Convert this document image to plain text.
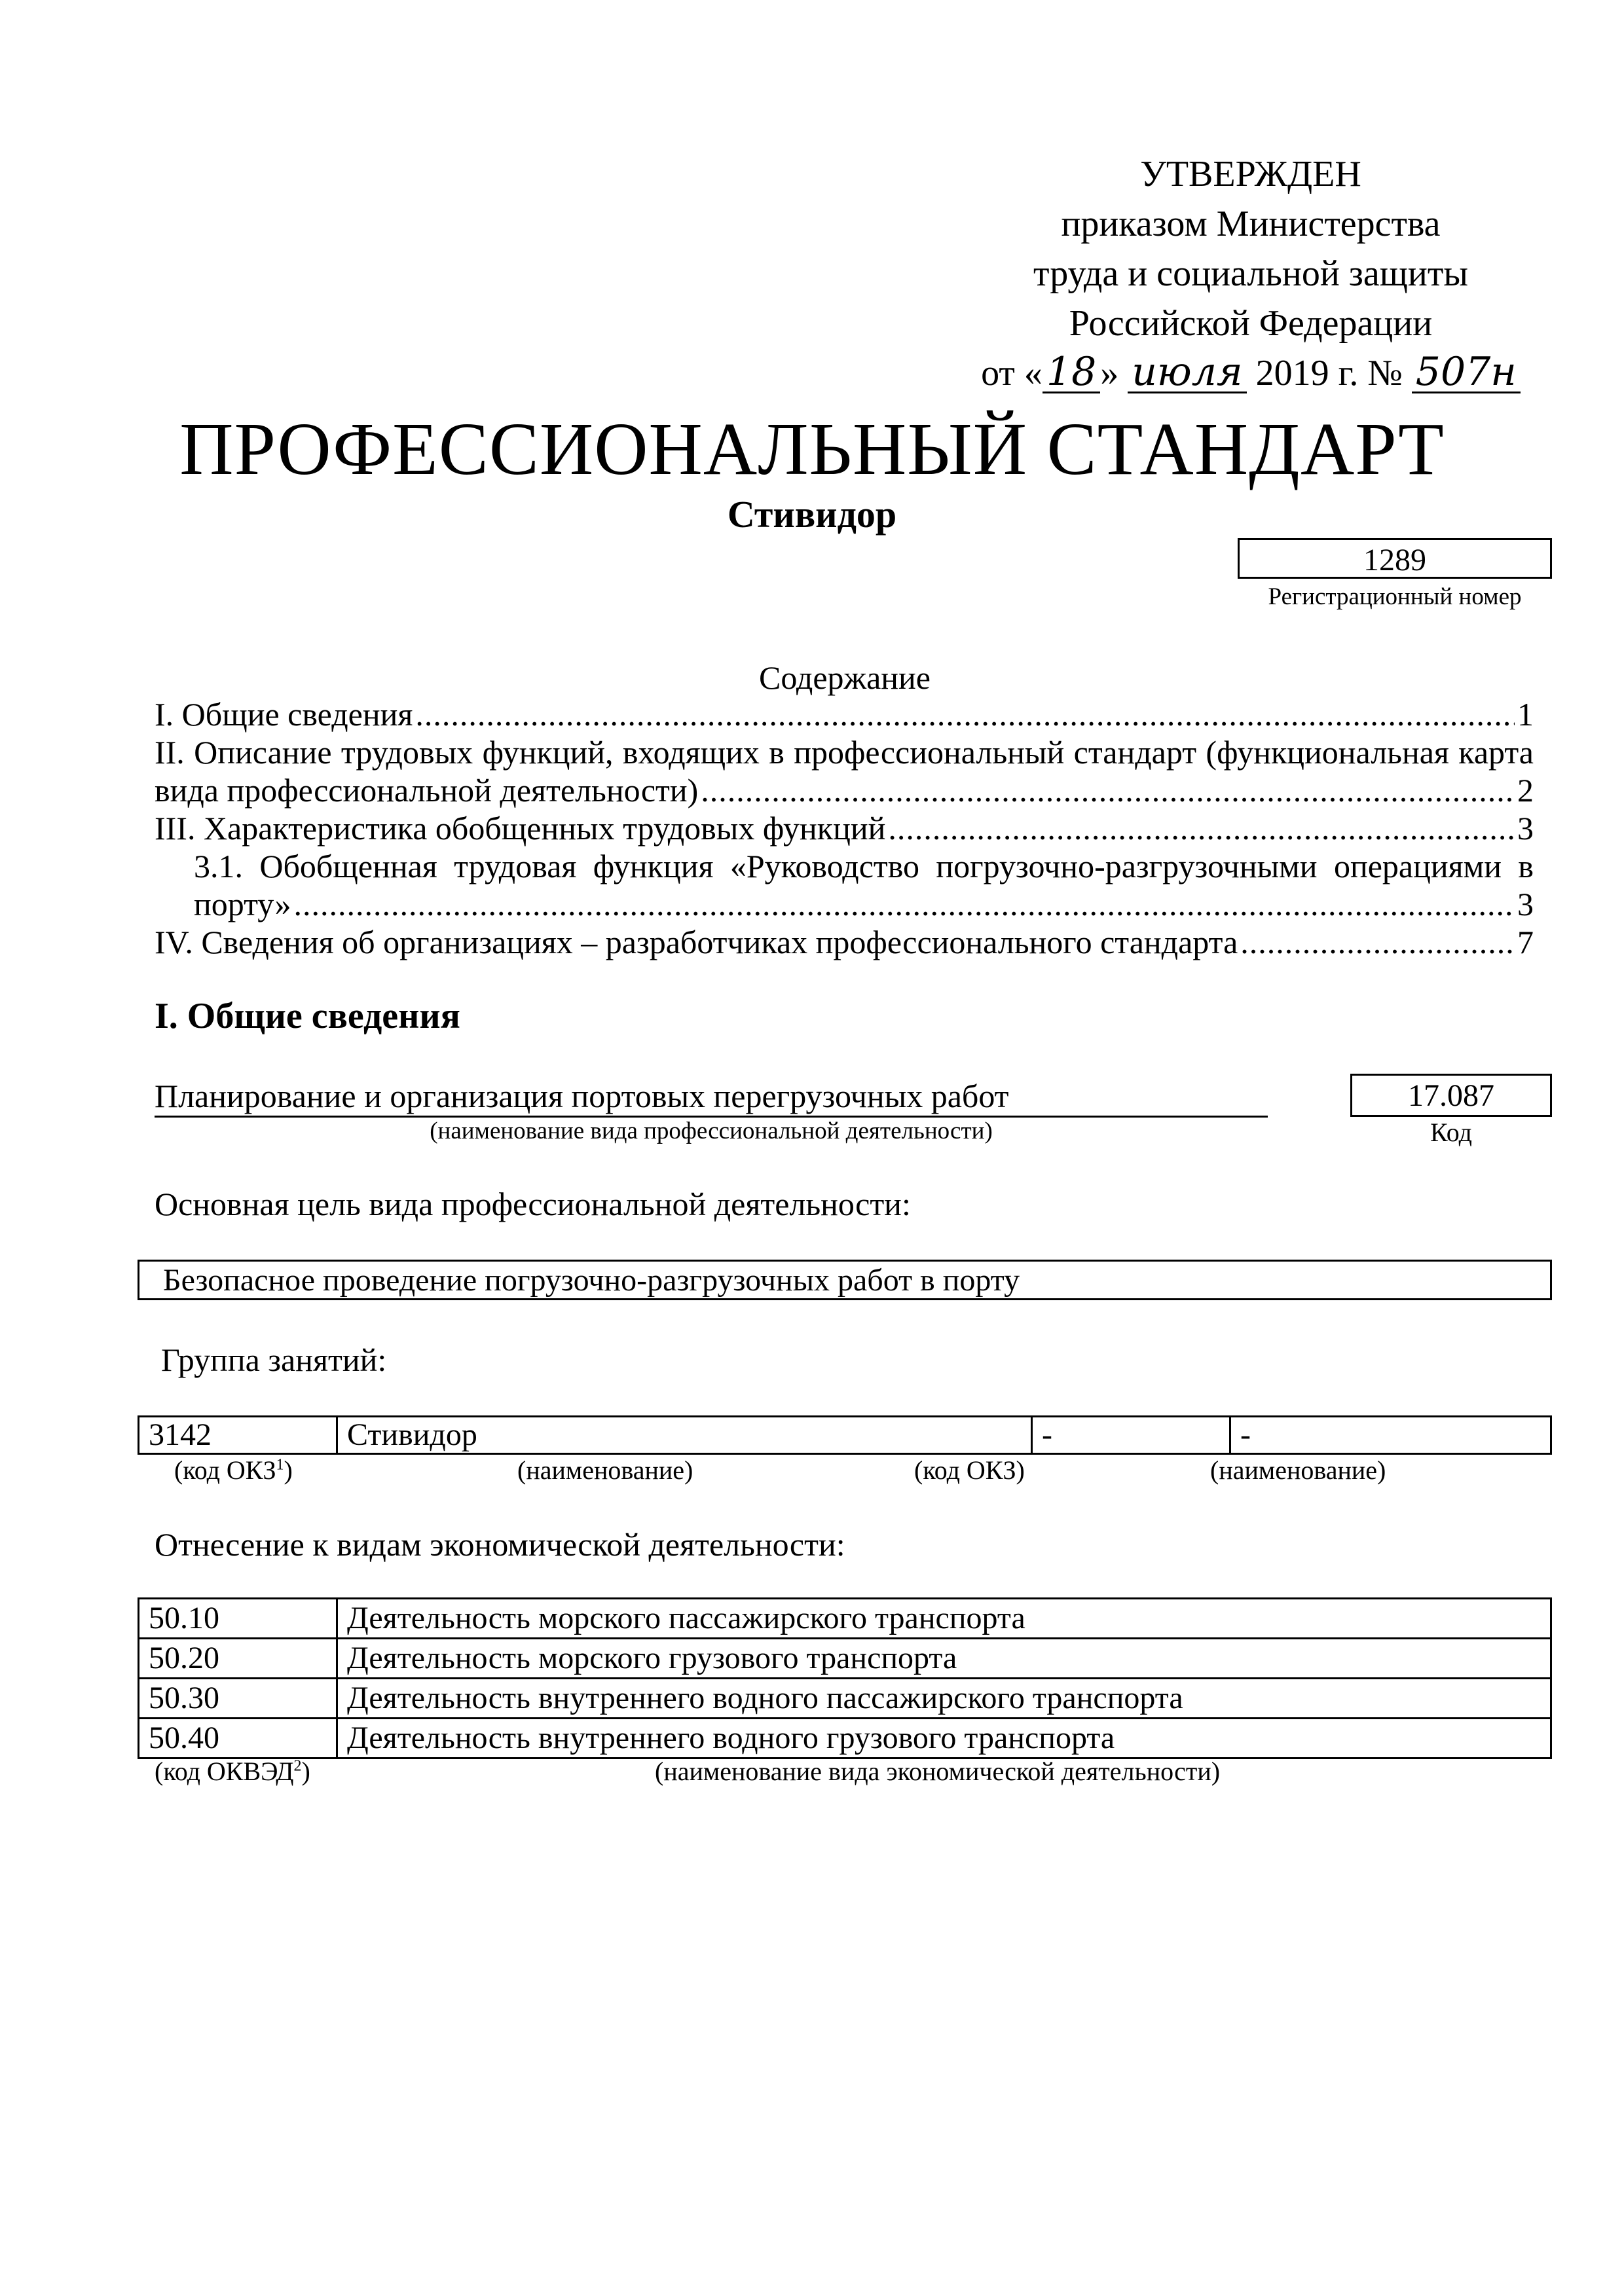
УТВЕРЖДЕН
приказом Министерства
труда и социальной защиты
Российской Федерации
от « 18 » июля 2019 г. № 507н
ПРОФЕССИОНАЛЬНЫЙ СТАНДАРТ
Стивидор
1289
Регистрационный номер
Содержание
I. Общие сведения .....	1
II. Описание трудовых функций, входящих в профессиональный стандарт (функциональная карта
вида профессиональной деятельности) .....	2
III. Характеристика обобщенных трудовых функций .....	3
3.1. Обобщенная трудовая функция «Руководство погрузочно-разгрузочными операциями в
порту» .....	3
IV. Сведения об организациях – разработчиках профессионального стандарта .....	7
I. Общие сведения
Планирование и организация портовых перегрузочных работ
(наименование вида профессиональной деятельности)
17.087
Код
Основная цель вида профессиональной деятельности:
Безопасное проведение погрузочно-разгрузочных работ в порту
Группа занятий:
3142	Стивидор	-	-
(код ОКЗ$^1$)	(наименование)	(код ОКЗ)	(наименование)
Отнесение к видам экономической деятельности:
50.10	Деятельность морского пассажирского транспорта
50.20	Деятельность морского грузового транспорта
50.30	Деятельность внутреннего водного пассажирского транспорта
50.40	Деятельность внутреннего водного грузового транспорта
(код ОКВЭД$^2$)	(наименование вида экономической деятельности)
